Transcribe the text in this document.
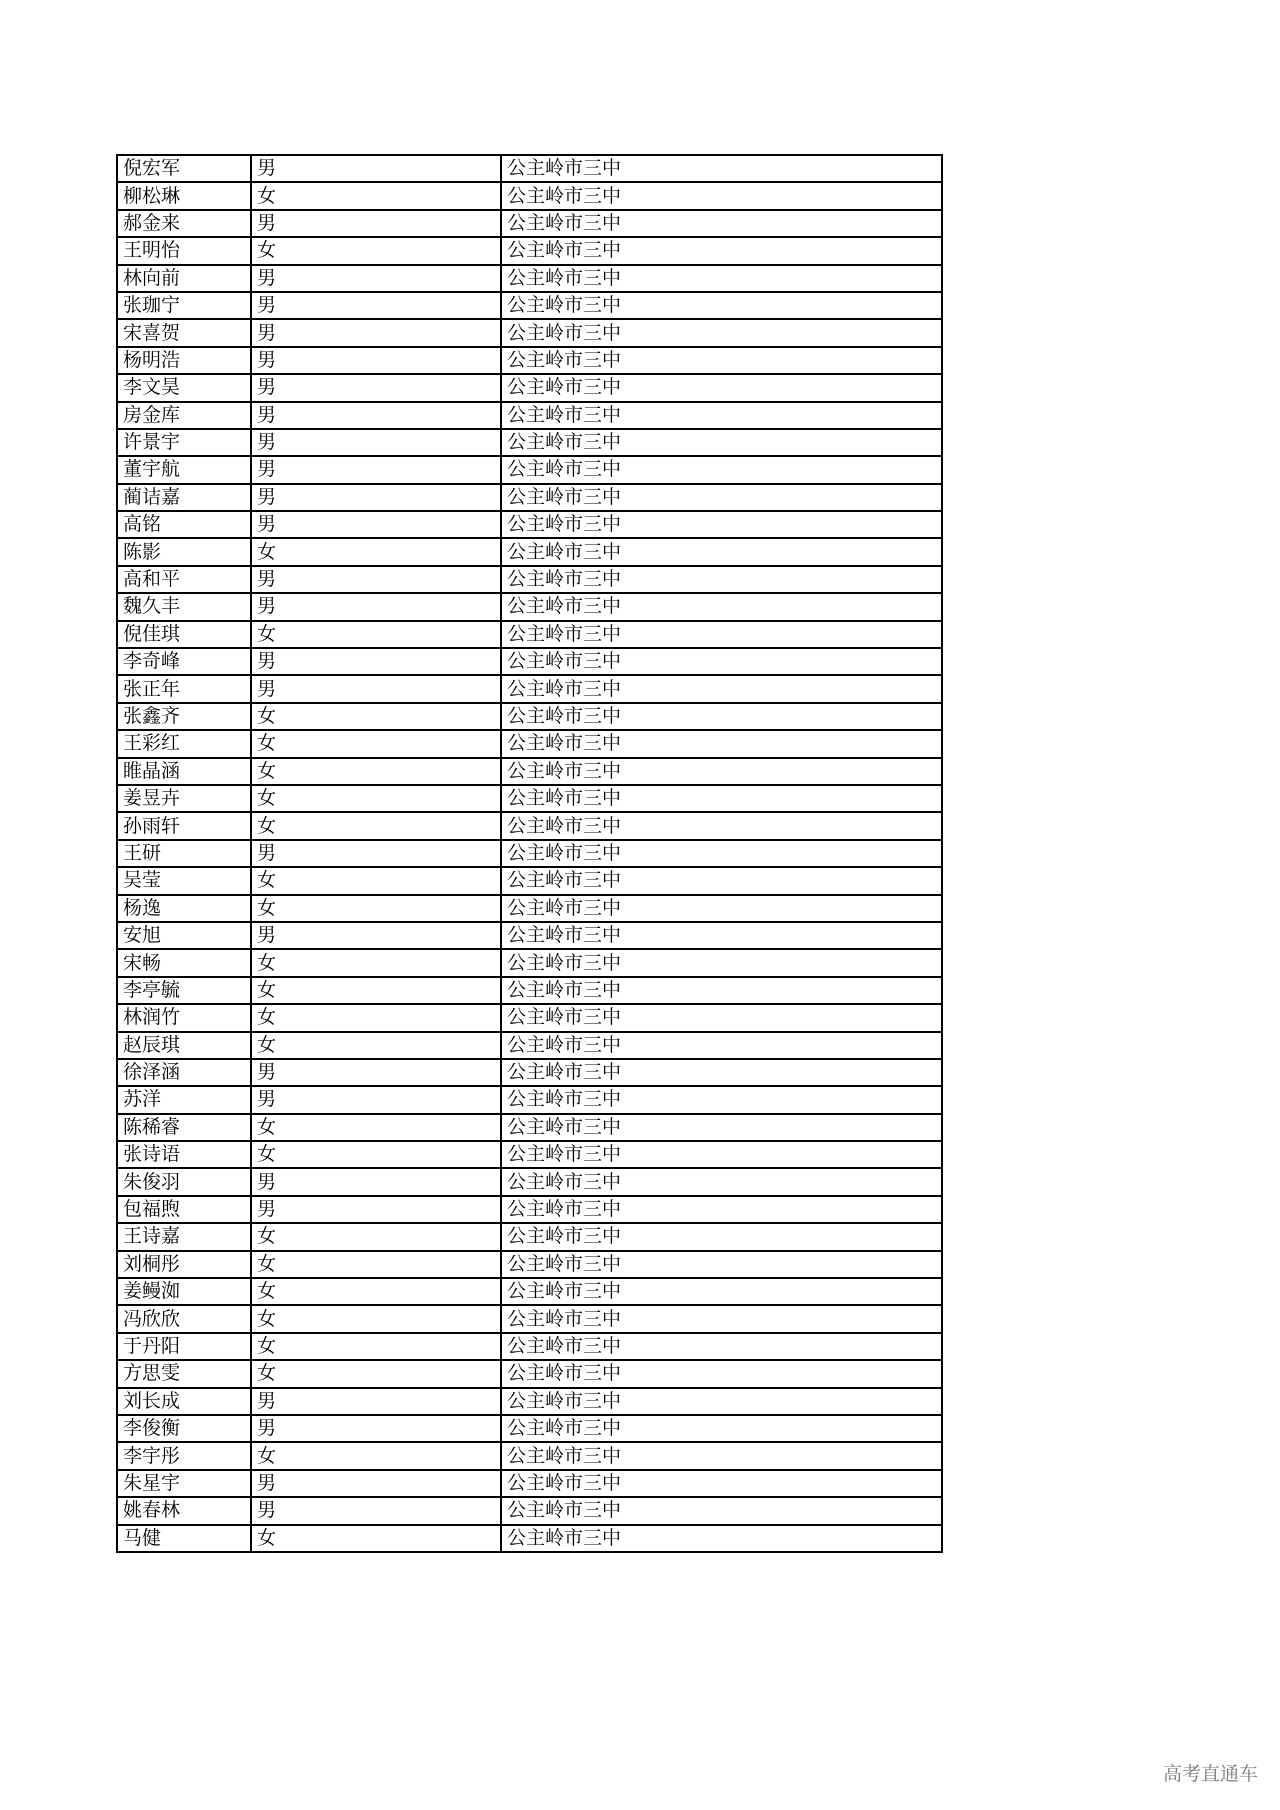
倪宏军	男	公主岭市三中
柳松琳	女	公主岭市三中
郝金来	男	公主岭市三中
王明怡	女	公主岭市三中
林向前	男	公主岭市三中
张珈宁	男	公主岭市三中
宋喜贺	男	公主岭市三中
杨明浩	男	公主岭市三中
李文昊	男	公主岭市三中
房金库	男	公主岭市三中
许景宇	男	公主岭市三中
董宇航	男	公主岭市三中
蔺诘嘉	男	公主岭市三中
高铭	男	公主岭市三中
陈影	女	公主岭市三中
高和平	男	公主岭市三中
魏久丰	男	公主岭市三中
倪佳琪	女	公主岭市三中
李奇峰	男	公主岭市三中
张正年	男	公主岭市三中
张鑫齐	女	公主岭市三中
王彩红	女	公主岭市三中
睢晶涵	女	公主岭市三中
姜昱卉	女	公主岭市三中
孙雨轩	女	公主岭市三中
王研	男	公主岭市三中
吴莹	女	公主岭市三中
杨逸	女	公主岭市三中
安旭	男	公主岭市三中
宋畅	女	公主岭市三中
李亭毓	女	公主岭市三中
林润竹	女	公主岭市三中
赵辰琪	女	公主岭市三中
徐泽涵	男	公主岭市三中
苏洋	男	公主岭市三中
陈稀睿	女	公主岭市三中
张诗语	女	公主岭市三中
朱俊羽	男	公主岭市三中
包福煦	男	公主岭市三中
王诗嘉	女	公主岭市三中
刘桐彤	女	公主岭市三中
姜鳗洳	女	公主岭市三中
冯欣欣	女	公主岭市三中
于丹阳	女	公主岭市三中
方思雯	女	公主岭市三中
刘长成	男	公主岭市三中
李俊衡	男	公主岭市三中
李宇彤	女	公主岭市三中
朱星宇	男	公主岭市三中
姚春林	男	公主岭市三中
马健	女	公主岭市三中
高考直通车
